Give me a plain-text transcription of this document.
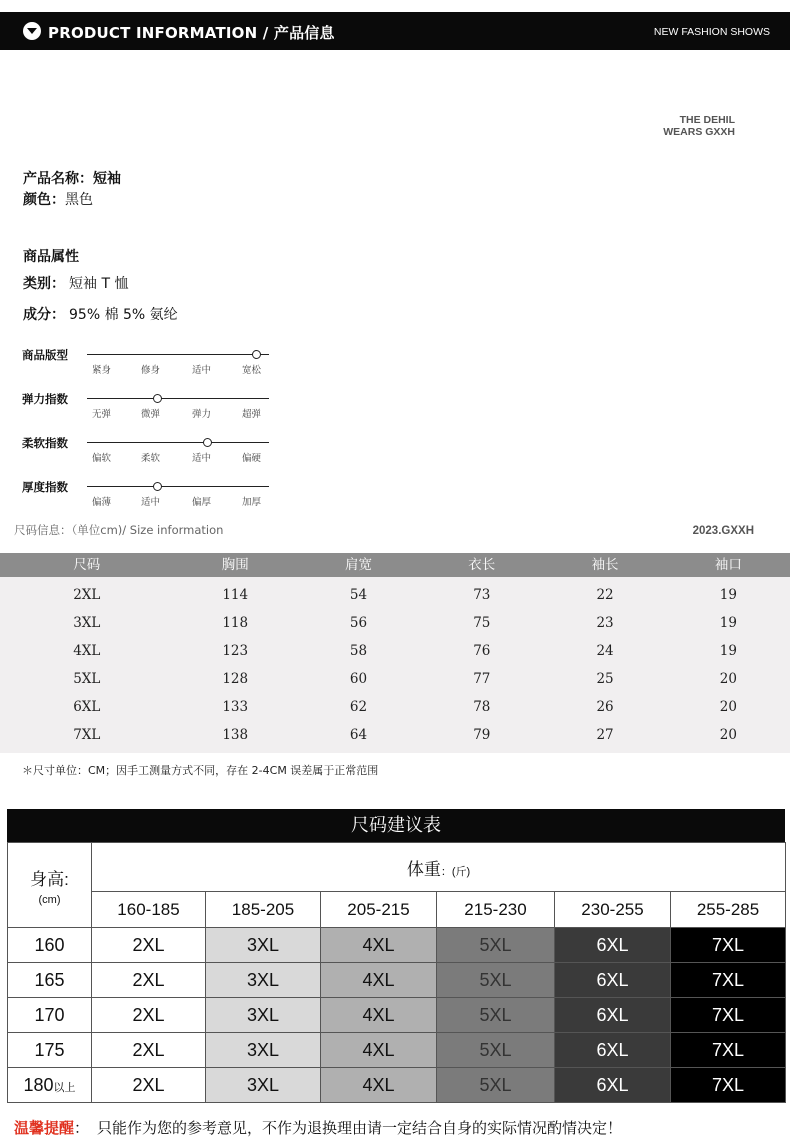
PRODUCT INFORMATION / 产品信息	NEW FASHION SHOWS
THE DEHIL
WEARS GXXH
产品名称：短袖
颜色：黑色
商品属性
类别： 短袖 T 恤
成分： 95% 棉 5% 氨纶
商品版型
紧身	修身	适中	宽松
弹力指数
无弹	微弹	弹力	超弹
柔软指数
偏软	柔软	适中	偏硬
厚度指数
偏薄	适中	偏厚	加厚
尺码信息：（单位cm)/ Size information	2023.GXXH
尺码	胸围	肩宽	衣长	袖长	袖口
2XL	114	54	73	22	19
3XL	118	56	75	23	19
4XL	123	58	76	24	19
5XL	128	60	77	25	20
6XL	133	62	78	26	20
7XL	138	64	79	27	20
＊尺寸单位：CM；因手工测量方式不同，存在 2-4CM 误差属于正常范围
尺码建议表
身高:
(cm)	体重：(斤)					
	160-185	185-205	205-215	215-230	230-255	255-285
160	2XL	3XL	4XL	5XL	6XL	7XL
165	2XL	3XL	4XL	5XL	6XL	7XL
170	2XL	3XL	4XL	5XL	6XL	7XL
175	2XL	3XL	4XL	5XL	6XL	7XL
180以上	2XL	3XL	4XL	5XL	6XL	7XL
温馨提醒： 只能作为您的参考意见，不作为退换理由请一定结合自身的实际情况酌情决定！
